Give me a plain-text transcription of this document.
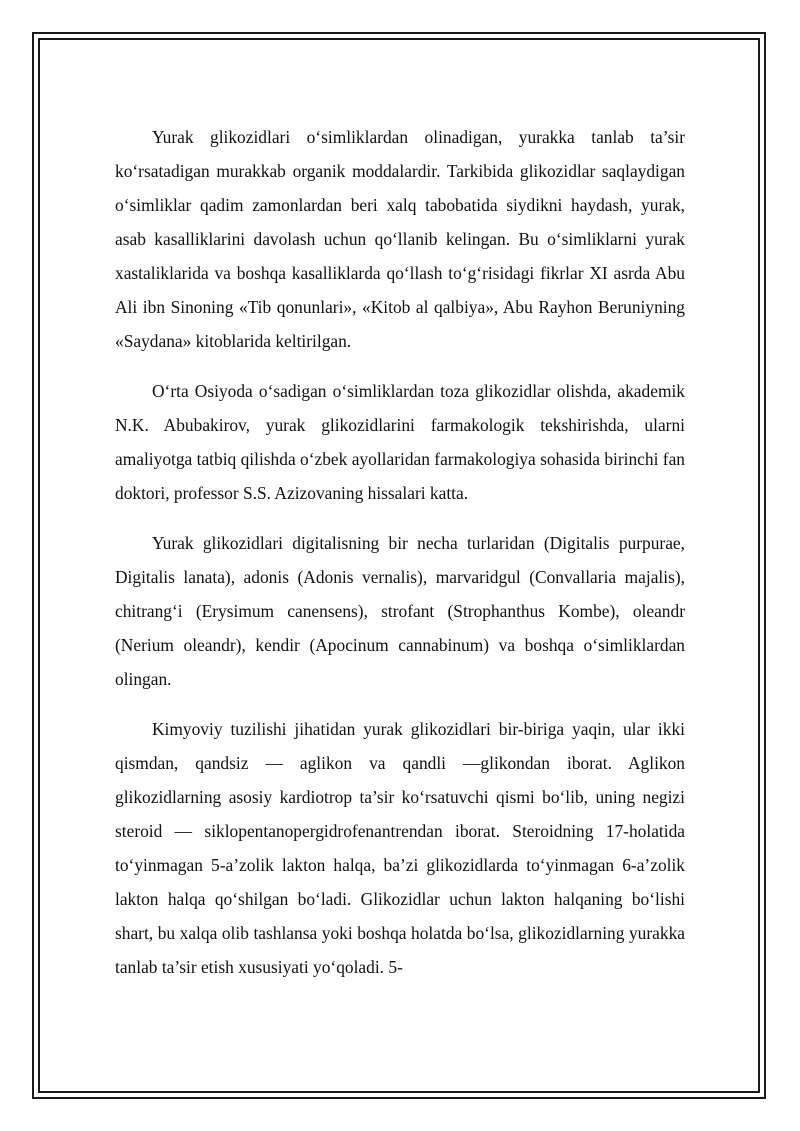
Yurak glikozidlari o‘simliklardan olinadigan, yurakka tanlab ta’sir ko‘rsatadigan murakkab organik moddalardir. Tarkibida glikozidlar saqlaydigan o‘simliklar qadim zamonlardan beri xalq tabobatida siydikni haydash, yurak, asab kasalliklarini davolash uchun qo‘llanib kelingan. Bu o‘simliklarni yurak xastaliklarida va boshqa kasalliklarda qo‘llash to‘g‘risidagi fikrlar XI asrda Abu Ali ibn Sinoning «Tib qonunlari», «Kitob al qalbiya», Abu Rayhon Beruniyning «Saydana» kitoblarida keltirilgan.

O‘rta Osiyoda o‘sadigan o‘simliklardan toza glikozidlar olishda, akademik N.K. Abubakirov, yurak glikozidlarini farmakologik tekshirishda, ularni amaliyotga tatbiq qilishda o‘zbek ayollaridan farmakologiya sohasida birinchi fan doktori, professor S.S. Azizovaning hissalari katta.

Yurak glikozidlari digitalisning bir necha turlaridan (Digitalis purpurae, Digitalis lanata), adonis (Adonis vernalis), marvaridgul (Convallaria majalis), chitrang‘i (Erysimum canensens), strofant (Strophanthus Kombe), oleandr (Nerium oleandr), kendir (Apocinum cannabinum) va boshqa o‘simliklardan olingan.

Kimyoviy tuzilishi jihatidan yurak glikozidlari bir-biriga yaqin, ular ikki qismdan, qandsiz — aglikon va qandli —glikondan iborat. Aglikon glikozidlarning asosiy kardiotrop ta’sir ko‘rsatuvchi qismi bo‘lib, uning negizi steroid — siklopentanopergidrofenantrendan iborat. Steroidning 17-holatida to‘yinmagan 5-a’zolik lakton halqa, ba’zi glikozidlarda to‘yinmagan 6-a’zolik lakton halqa qo‘shilgan bo‘ladi. Glikozidlar uchun lakton halqaning bo‘lishi shart, bu xalqa olib tashlansa yoki boshqa holatda bo‘lsa, glikozidlarning yurakka tanlab ta’sir etish xususiyati yo‘qoladi. 5-
